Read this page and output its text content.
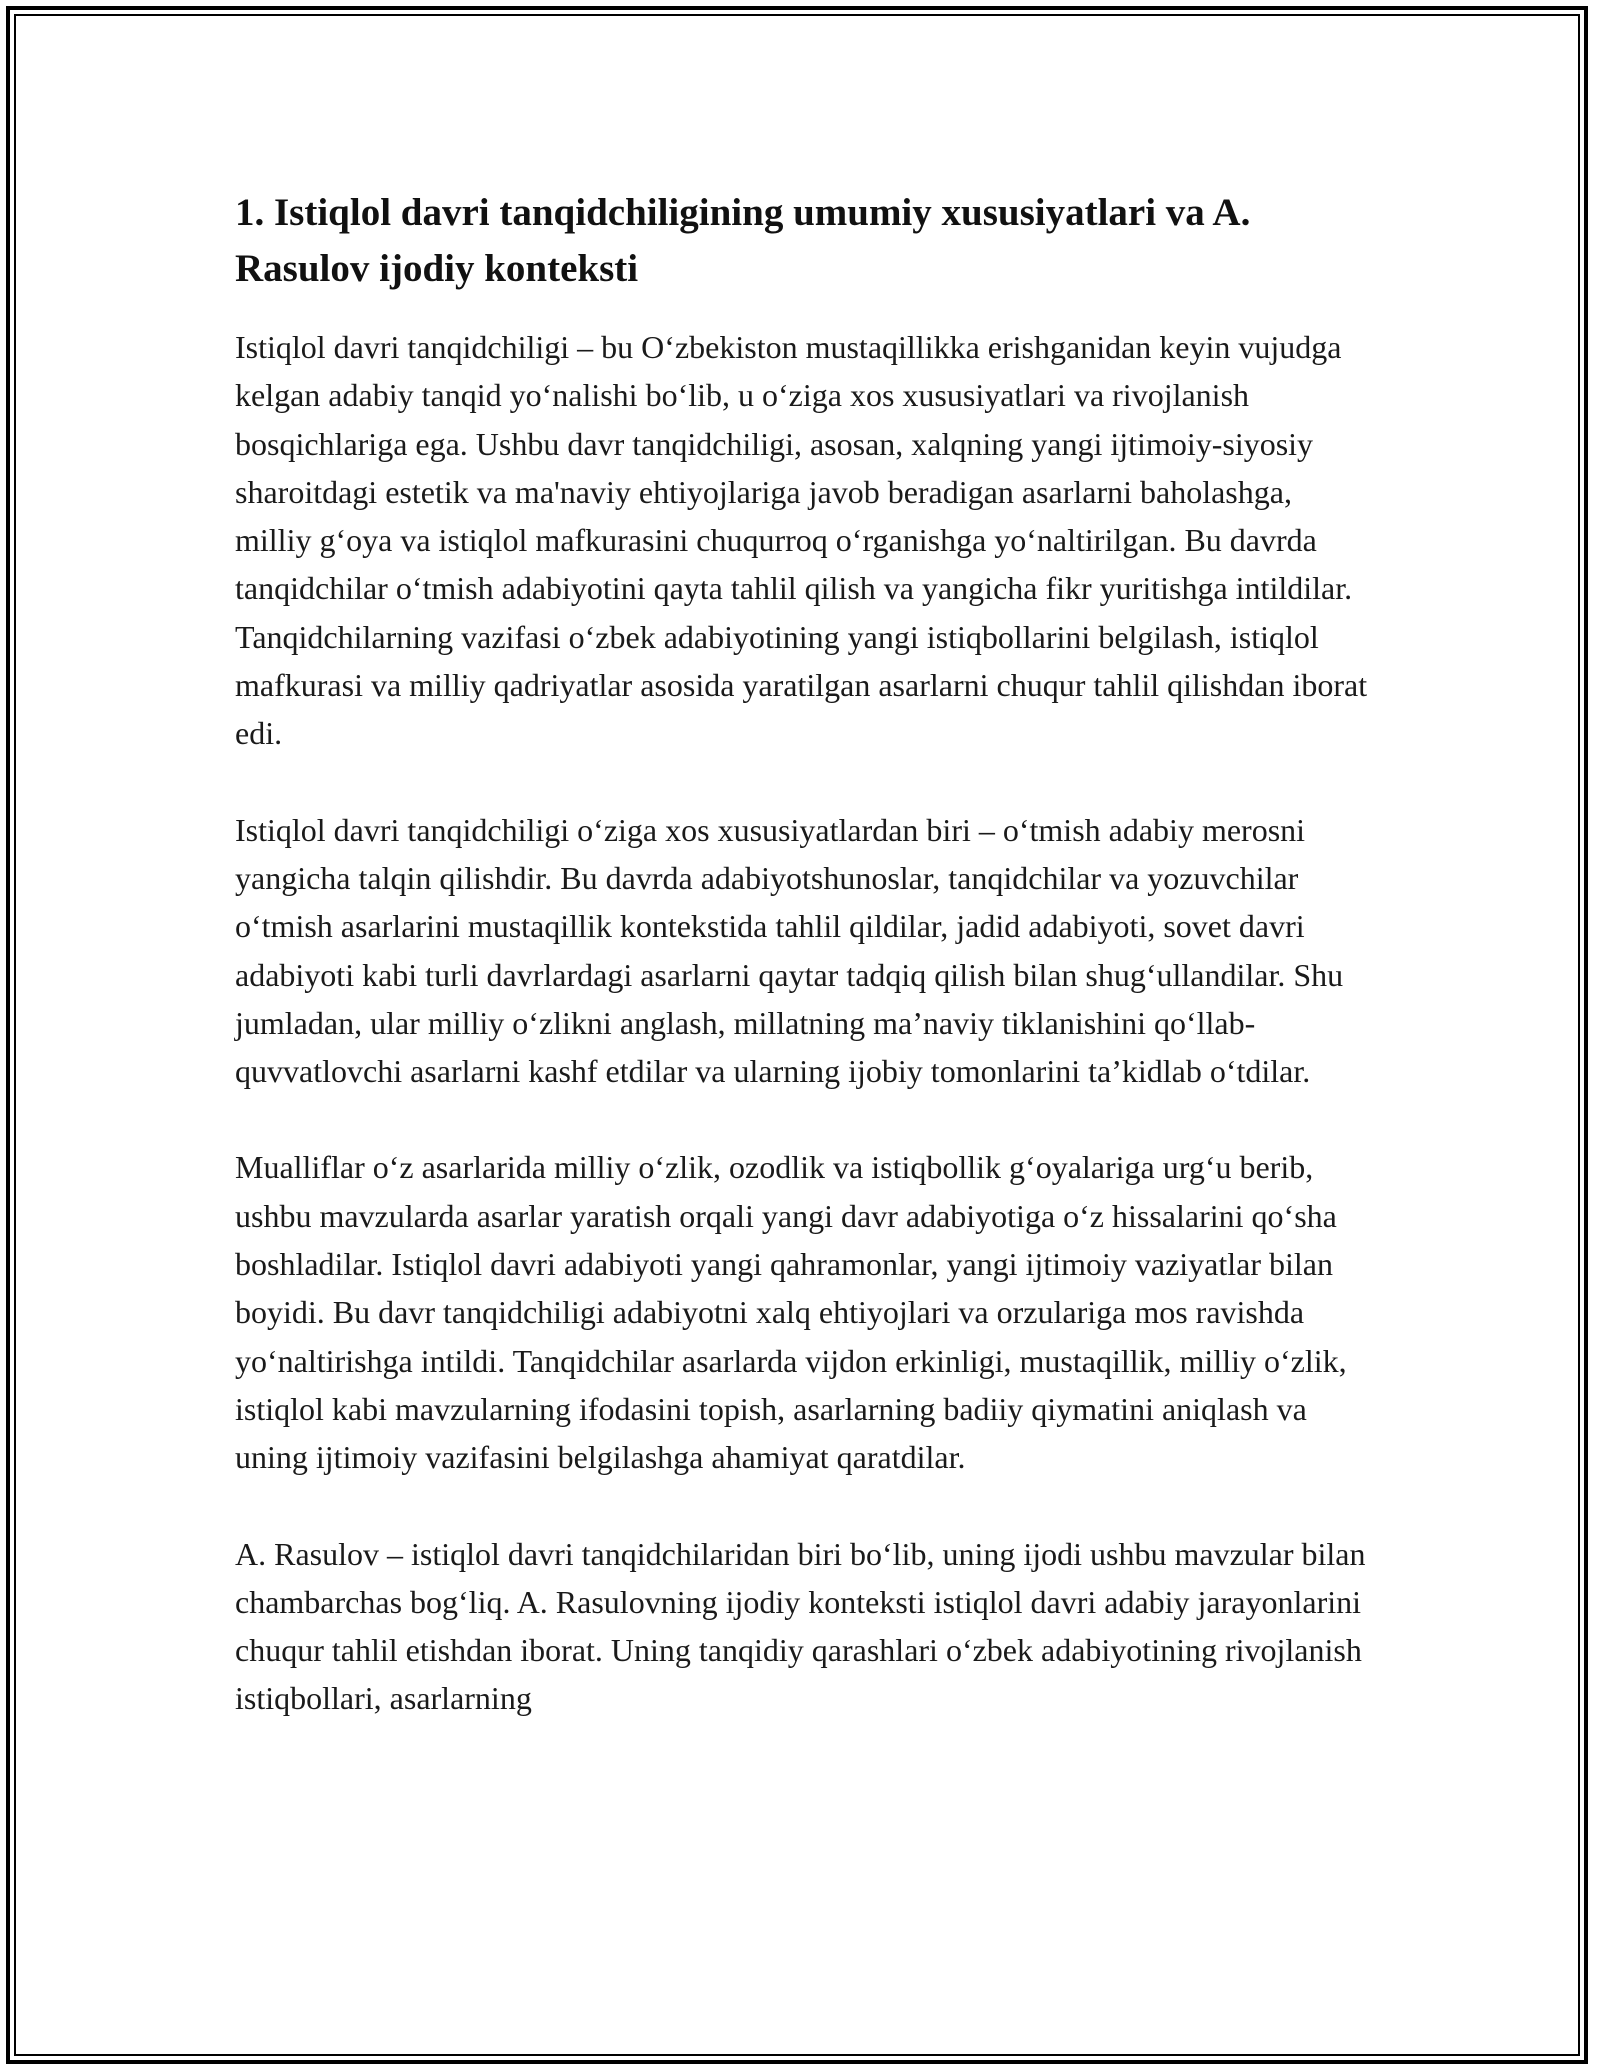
1. Istiqlol davri tanqidchiligining umumiy xususiyatlari va A. Rasulov ijodiy konteksti

Istiqlol davri tanqidchiligi – bu O‘zbekiston mustaqillikka erishganidan keyin vujudga kelgan adabiy tanqid yo‘nalishi bo‘lib, u o‘ziga xos xususiyatlari va rivojlanish bosqichlariga ega. Ushbu davr tanqidchiligi, asosan, xalqning yangi ijtimoiy-siyosiy sharoitdagi estetik va ma'naviy ehtiyojlariga javob beradigan asarlarni baholashga, milliy g‘oya va istiqlol mafkurasini chuqurroq o‘rganishga yo‘naltirilgan. Bu davrda tanqidchilar o‘tmish adabiyotini qayta tahlil qilish va yangicha fikr yuritishga intildilar. Tanqidchilarning vazifasi o‘zbek adabiyotining yangi istiqbollarini belgilash, istiqlol mafkurasi va milliy qadriyatlar asosida yaratilgan asarlarni chuqur tahlil qilishdan iborat edi.

Istiqlol davri tanqidchiligi o‘ziga xos xususiyatlardan biri – o‘tmish adabiy merosni yangicha talqin qilishdir. Bu davrda adabiyotshunoslar, tanqidchilar va yozuvchilar o‘tmish asarlarini mustaqillik kontekstida tahlil qildilar, jadid adabiyoti, sovet davri adabiyoti kabi turli davrlardagi asarlarni qaytar tadqiq qilish bilan shug‘ullandilar. Shu jumladan, ular milliy o‘zlikni anglash, millatning ma’naviy tiklanishini qo‘llab-quvvatlovchi asarlarni kashf etdilar va ularning ijobiy tomonlarini ta’kidlab o‘tdilar.

Mualliflar o‘z asarlarida milliy o‘zlik, ozodlik va istiqbollik g‘oyalariga urg‘u berib, ushbu mavzularda asarlar yaratish orqali yangi davr adabiyotiga o‘z hissalarini qo‘sha boshladilar. Istiqlol davri adabiyoti yangi qahramonlar, yangi ijtimoiy vaziyatlar bilan boyidi. Bu davr tanqidchiligi adabiyotni xalq ehtiyojlari va orzulariga mos ravishda yo‘naltirishga intildi. Tanqidchilar asarlarda vijdon erkinligi, mustaqillik, milliy o‘zlik, istiqlol kabi mavzularning ifodasini topish, asarlarning badiiy qiymatini aniqlash va uning ijtimoiy vazifasini belgilashga ahamiyat qaratdilar.

A. Rasulov – istiqlol davri tanqidchilaridan biri bo‘lib, uning ijodi ushbu mavzular bilan chambarchas bog‘liq. A. Rasulovning ijodiy konteksti istiqlol davri adabiy jarayonlarini chuqur tahlil etishdan iborat. Uning tanqidiy qarashlari o‘zbek adabiyotining rivojlanish istiqbollari, asarlarning
